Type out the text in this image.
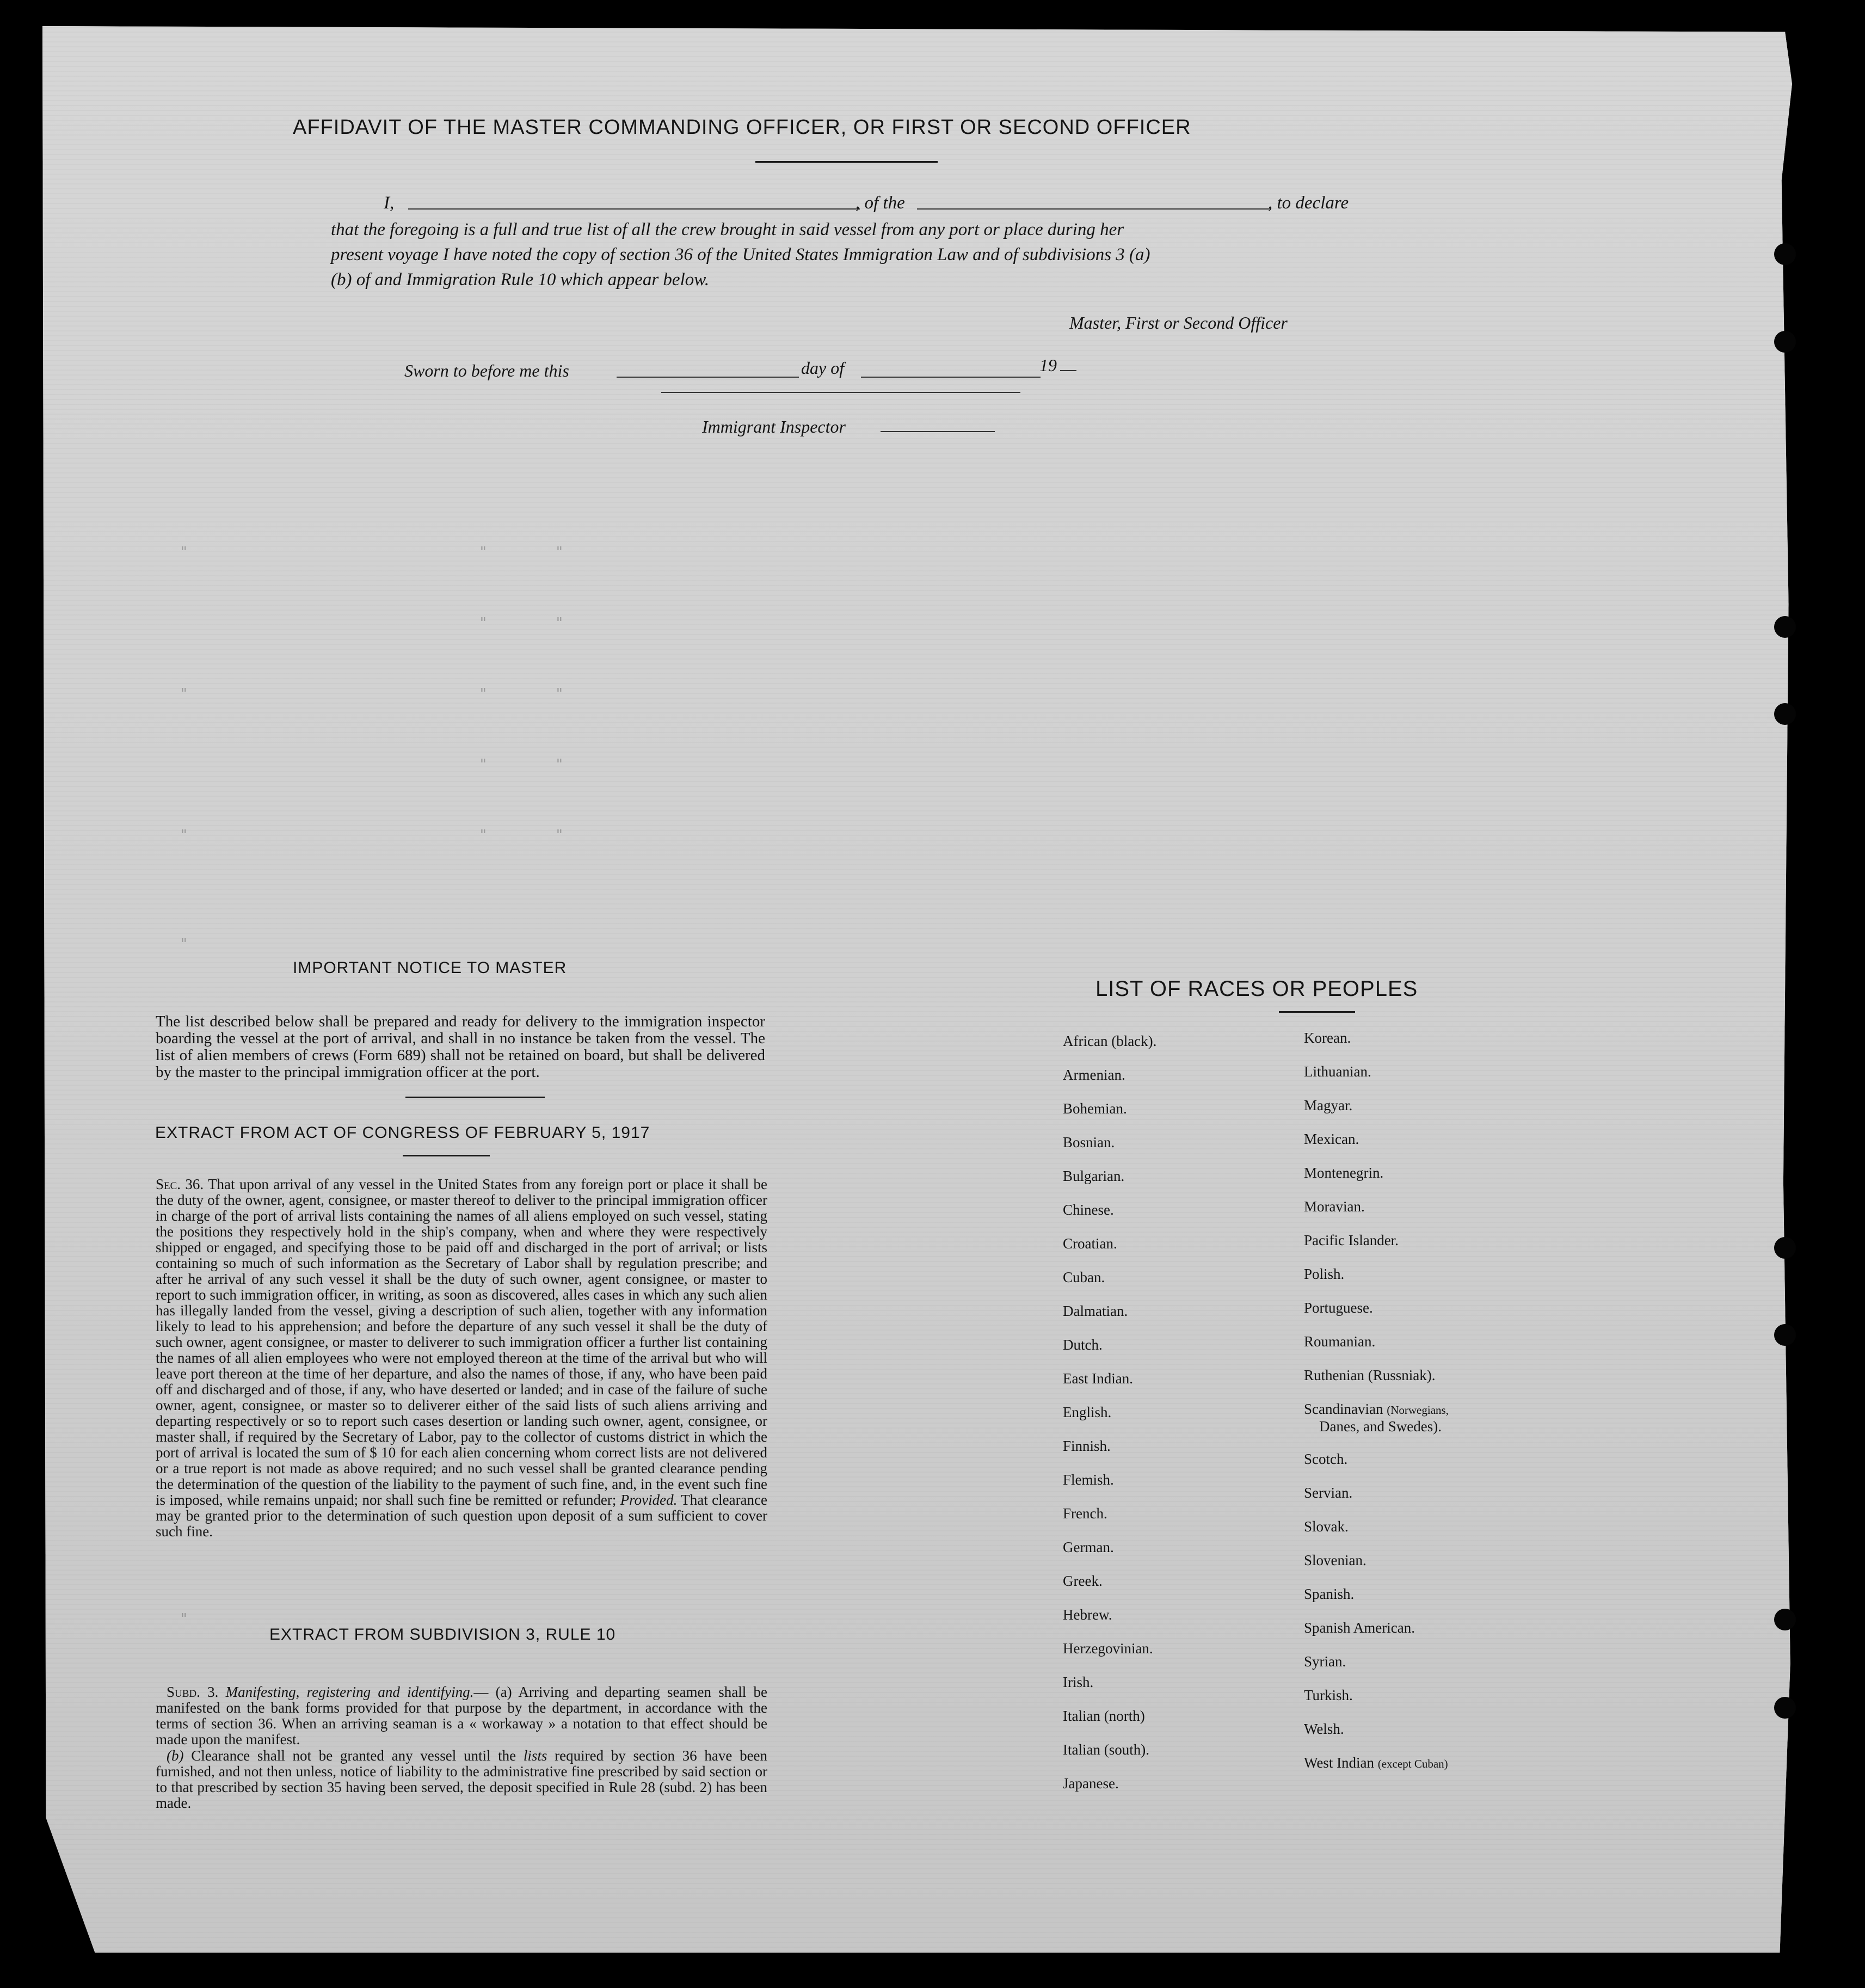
"	"
"	"
"	"
"	"
"	"
"
"
"
"
"
AFFIDAVIT OF THE MASTER COMMANDING OFFICER, OR FIRST OR SECOND OFFICER
I,	, of the	, to declare
that the foregoing is a full and true list of all the crew brought in said vessel from any port or place during her
present voyage I have noted the copy of section 36 of the United States Immigration Law and of subdivisions 3 (a)
(b) of and Immigration Rule 10 which appear below.
Master, First or Second Officer
Sworn to before me this	day of	19
Immigrant Inspector
IMPORTANT NOTICE TO MASTER
The list described below shall be prepared and ready for delivery to the immigration inspector boarding the vessel at the port of arrival, and shall in no instance be taken from the vessel. The list of alien members of crews (Form 689) shall not be retained on board, but shall be delivered by the master to the principal immigration officer at the port.
EXTRACT FROM ACT OF CONGRESS OF FEBRUARY 5, 1917
Sec. 36. That upon arrival of any vessel in the United States from any foreign port or place it shall be the duty of the owner, agent, consignee, or master thereof to deliver to the principal immigration officer in charge of the port of arrival lists containing the names of all aliens employed on such vessel, stating the positions they respectively hold in the ship's company, when and where they were respectively shipped or engaged, and specifying those to be paid off and discharged in the port of arrival; or lists containing so much of such information as the Secretary of Labor shall by regulation prescribe; and after he arrival of any such vessel it shall be the duty of such owner, agent consignee, or master to report to such immigration officer, in writing, as soon as discovered, alles cases in which any such alien has illegally landed from the vessel, giving a description of such alien, together with any information likely to lead to his apprehension; and before the departure of any such vessel it shall be the duty of such owner, agent consignee, or master to deliverer to such immigration officer a further list containing the names of all alien employees who were not employed thereon at the time of the arrival but who will leave port thereon at the time of her departure, and also the names of those, if any, who have been paid off and discharged and of those, if any, who have deserted or landed; and in case of the failure of suche owner, agent, consignee, or master so to deliverer either of the said lists of such aliens arriving and departing respectively or so to report such cases desertion or landing such owner, agent, consignee, or master shall, if required by the Secretary of Labor, pay to the collector of customs district in which the port of arrival is located the sum of $ 10 for each alien concerning whom correct lists are not delivered or a true report is not made as above required; and no such vessel shall be granted clearance pending the determination of the question of the liability to the payment of such fine, and, in the event such fine is imposed, while remains unpaid; nor shall such fine be remitted or refunder; Provided. That clearance may be granted prior to the determination of such question upon deposit of a sum sufficient to cover such fine.
EXTRACT FROM SUBDIVISION 3, RULE 10
Subd. 3. Manifesting, registering and identifying.— (a) Arriving and departing seamen shall be manifested on the bank forms provided for that purpose by the department, in accordance with the terms of section 36. When an arriving seaman is a « workaway » a notation to that effect should be made upon the manifest.
(b) Clearance shall not be granted any vessel until the lists required by section 36 have been furnished, and not then unless, notice of liability to the administrative fine prescribed by said section or to that prescribed by section 35 having been served, the deposit specified in Rule 28 (subd. 2) has been made.
LIST OF RACES OR PEOPLES
African (black).
Armenian.
Bohemian.
Bosnian.
Bulgarian.
Chinese.
Croatian.
Cuban.
Dalmatian.
Dutch.
East Indian.
English.
Finnish.
Flemish.
French.
German.
Greek.
Hebrew.
Herzegovinian.
Irish.
Italian (north)
Italian (south).
Japanese.
Korean.
Lithuanian.
Magyar.
Mexican.
Montenegrin.
Moravian.
Pacific Islander.
Polish.
Portuguese.
Roumanian.
Ruthenian (Russniak).
Scandinavian (Norwegians,
Danes, and Swedes).
Scotch.
Servian.
Slovak.
Slovenian.
Spanish.
Spanish American.
Syrian.
Turkish.
Welsh.
West Indian (except Cuban)
